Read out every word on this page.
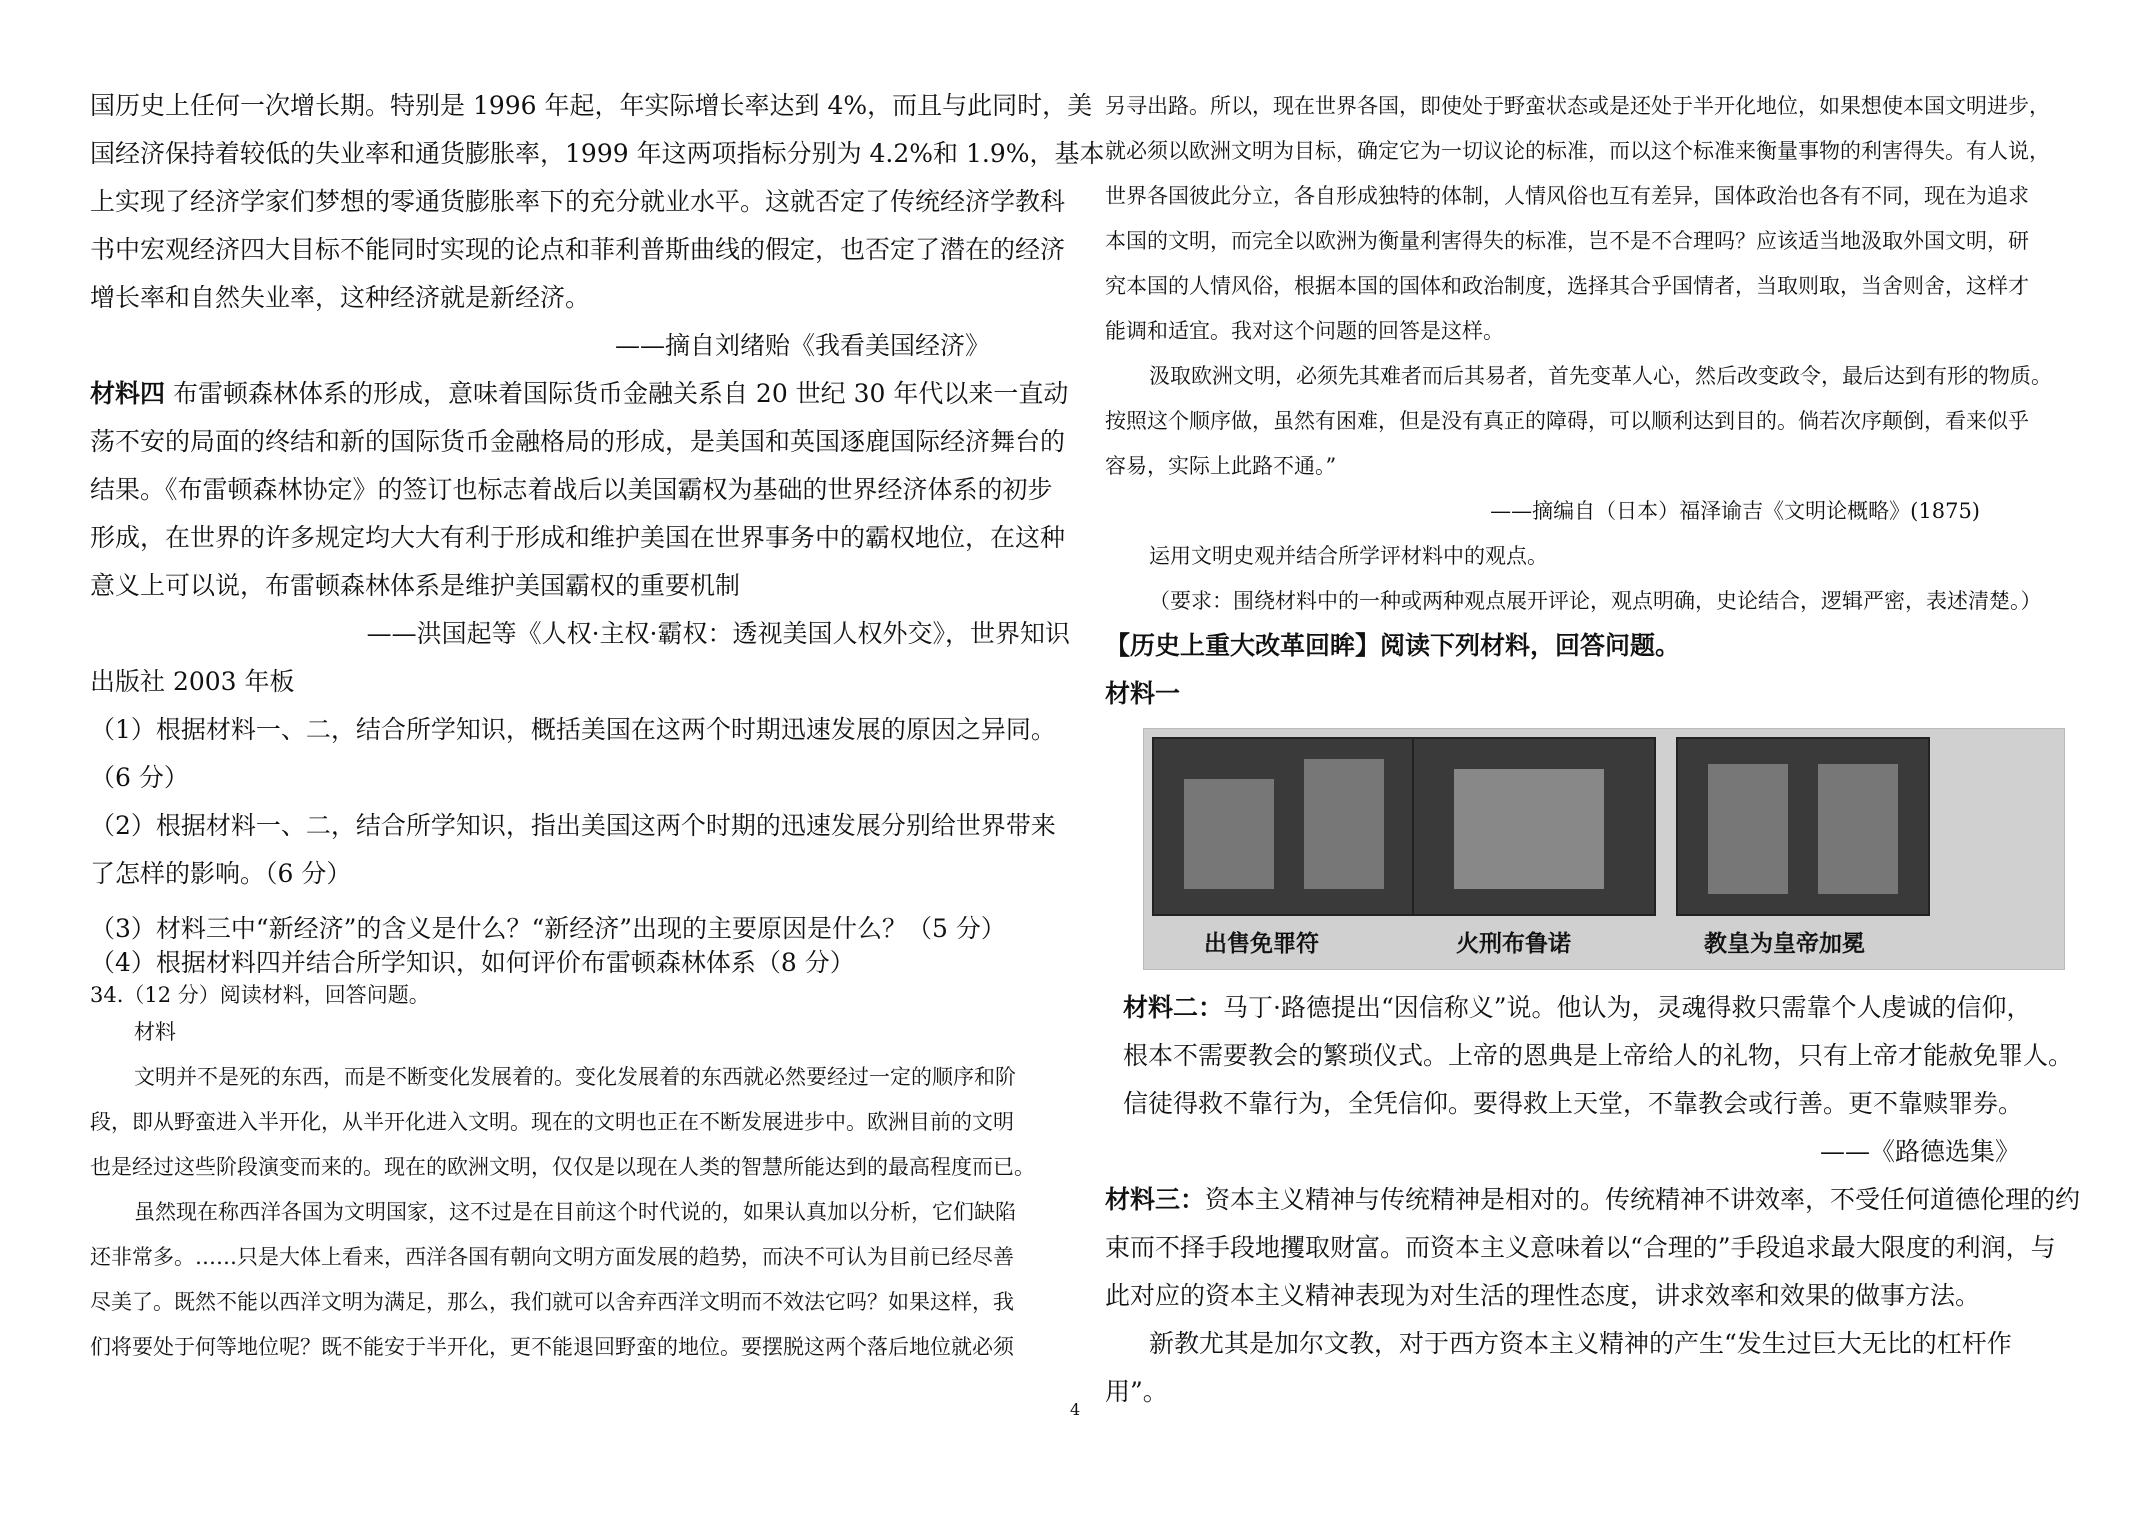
国历史上任何一次增长期。特别是 1996 年起，年实际增长率达到 4%，而且与此同时，美
国经济保持着较低的失业率和通货膨胀率，1999 年这两项指标分别为 4.2%和 1.9%，基本
上实现了经济学家们梦想的零通货膨胀率下的充分就业水平。这就否定了传统经济学教科
书中宏观经济四大目标不能同时实现的论点和菲利普斯曲线的假定，也否定了潜在的经济
增长率和自然失业率，这种经济就是新经济。
——摘自刘绪贻《我看美国经济》
材料四 布雷顿森林体系的形成，意味着国际货币金融关系自 20 世纪 30 年代以来一直动
荡不安的局面的终结和新的国际货币金融格局的形成，是美国和英国逐鹿国际经济舞台的
结果。《布雷顿森林协定》的签订也标志着战后以美国霸权为基础的世界经济体系的初步
形成，在世界的许多规定均大大有利于形成和维护美国在世界事务中的霸权地位，在这种
意义上可以说，布雷顿森林体系是维护美国霸权的重要机制
——洪国起等《人权·主权·霸权：透视美国人权外交》，世界知识
出版社 2003 年板
（1）根据材料一、二，结合所学知识，概括美国在这两个时期迅速发展的原因之异同。
（6 分）
（2）根据材料一、二，结合所学知识，指出美国这两个时期的迅速发展分别给世界带来
了怎样的影响。（6 分）
（3）材料三中“新经济”的含义是什么？“新经济”出现的主要原因是什么？（5 分）
（4）根据材料四并结合所学知识，如何评价布雷顿森林体系（8 分）
34.（12 分）阅读材料，回答问题。
材料
文明并不是死的东西，而是不断变化发展着的。变化发展着的东西就必然要经过一定的顺序和阶
段，即从野蛮进入半开化，从半开化进入文明。现在的文明也正在不断发展进步中。欧洲目前的文明
也是经过这些阶段演变而来的。现在的欧洲文明，仅仅是以现在人类的智慧所能达到的最高程度而已。
虽然现在称西洋各国为文明国家，这不过是在目前这个时代说的，如果认真加以分析，它们缺陷
还非常多。……只是大体上看来，西洋各国有朝向文明方面发展的趋势，而决不可认为目前已经尽善
尽美了。既然不能以西洋文明为满足，那么，我们就可以舍弃西洋文明而不效法它吗？如果这样，我
们将要处于何等地位呢？既不能安于半开化，更不能退回野蛮的地位。要摆脱这两个落后地位就必须
另寻出路。所以，现在世界各国，即使处于野蛮状态或是还处于半开化地位，如果想使本国文明进步，
就必须以欧洲文明为目标，确定它为一切议论的标准，而以这个标准来衡量事物的利害得失。有人说，
世界各国彼此分立，各自形成独特的体制，人情风俗也互有差异，国体政治也各有不同，现在为追求
本国的文明，而完全以欧洲为衡量利害得失的标准，岂不是不合理吗？应该适当地汲取外国文明，研
究本国的人情风俗，根据本国的国体和政治制度，选择其合乎国情者，当取则取，当舍则舍，这样才
能调和适宜。我对这个问题的回答是这样。
汲取欧洲文明，必须先其难者而后其易者，首先变革人心，然后改变政令，最后达到有形的物质。
按照这个顺序做，虽然有困难，但是没有真正的障碍，可以顺利达到目的。倘若次序颠倒，看来似乎
容易，实际上此路不通。”
——摘编自（日本）福泽谕吉《文明论概略》(1875)
运用文明史观并结合所学评材料中的观点。
（要求：围绕材料中的一种或两种观点展开评论，观点明确，史论结合，逻辑严密，表述清楚。）
【历史上重大改革回眸】阅读下列材料，回答问题。
材料一
出售免罪符	火刑布鲁诺	教皇为皇帝加冕
材料二：马丁·路德提出“因信称义”说。他认为，灵魂得救只需靠个人虔诚的信仰，
根本不需要教会的繁琐仪式。上帝的恩典是上帝给人的礼物，只有上帝才能赦免罪人。
信徒得救不靠行为，全凭信仰。要得救上天堂，不靠教会或行善。更不靠赎罪券。
——《路德选集》
材料三：资本主义精神与传统精神是相对的。传统精神不讲效率，不受任何道德伦理的约
束而不择手段地攫取财富。而资本主义意味着以“合理的”手段追求最大限度的利润，与
此对应的资本主义精神表现为对生活的理性态度，讲求效率和效果的做事方法。
新教尤其是加尔文教，对于西方资本主义精神的产生“发生过巨大无比的杠杆作
用”。
4
